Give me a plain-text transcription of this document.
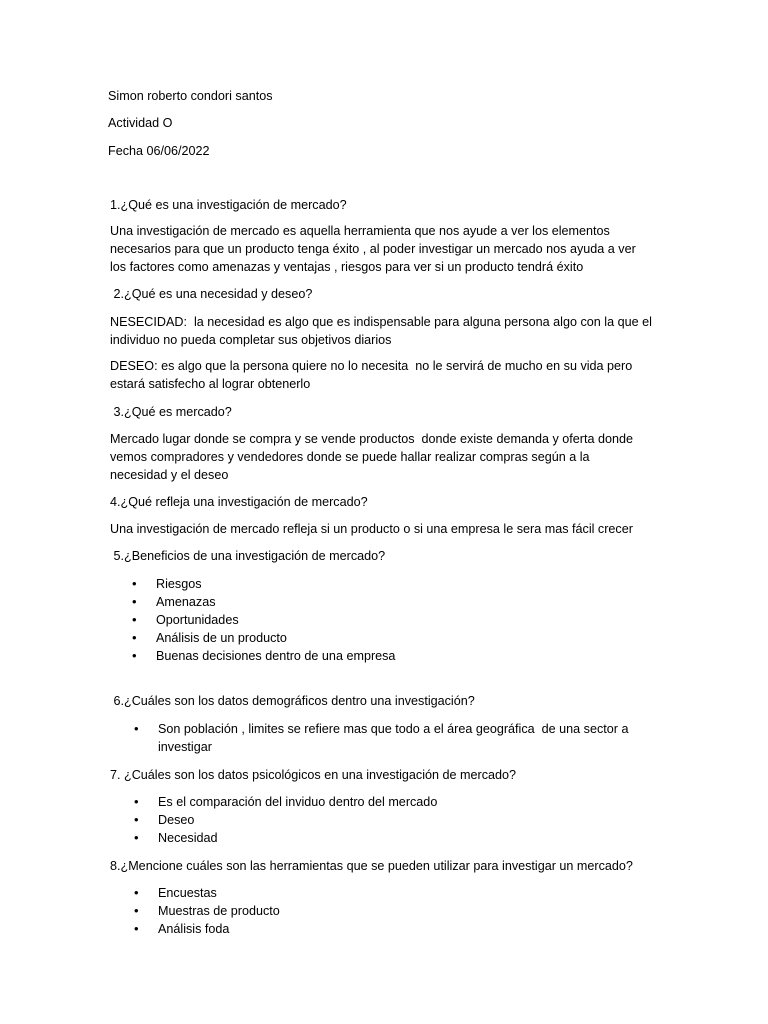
Simon roberto condori santos
Actividad O
Fecha 06/06/2022
1.¿Qué es una investigación de mercado?
Una investigación de mercado es aquella herramienta que nos ayude a ver los elementos
necesarios para que un producto tenga éxito , al poder investigar un mercado nos ayuda a ver
los factores como amenazas y ventajas , riesgos para ver si un producto tendrá éxito
2.¿Qué es una necesidad y deseo?
NESECIDAD:  la necesidad es algo que es indispensable para alguna persona algo con la que el
individuo no pueda completar sus objetivos diarios
DESEO: es algo que la persona quiere no lo necesita  no le servirá de mucho en su vida pero
estará satisfecho al lograr obtenerlo
3.¿Qué es mercado?
Mercado lugar donde se compra y se vende productos  donde existe demanda y oferta donde
vemos compradores y vendedores donde se puede hallar realizar compras según a la
necesidad y el deseo
4.¿Qué refleja una investigación de mercado?
Una investigación de mercado refleja si un producto o si una empresa le sera mas fácil crecer
5.¿Beneficios de una investigación de mercado?
• Riesgos
• Amenazas
• Oportunidades
• Análisis de un producto
• Buenas decisiones dentro de una empresa
6.¿Cuáles son los datos demográficos dentro una investigación?
• Son población , limites se refiere mas que todo a el área geográfica  de una sector a
investigar
7. ¿Cuáles son los datos psicológicos en una investigación de mercado?
• Es el comparación del inviduo dentro del mercado
• Deseo
• Necesidad
8.¿Mencione cuáles son las herramientas que se pueden utilizar para investigar un mercado?
• Encuestas
• Muestras de producto
• Análisis foda
